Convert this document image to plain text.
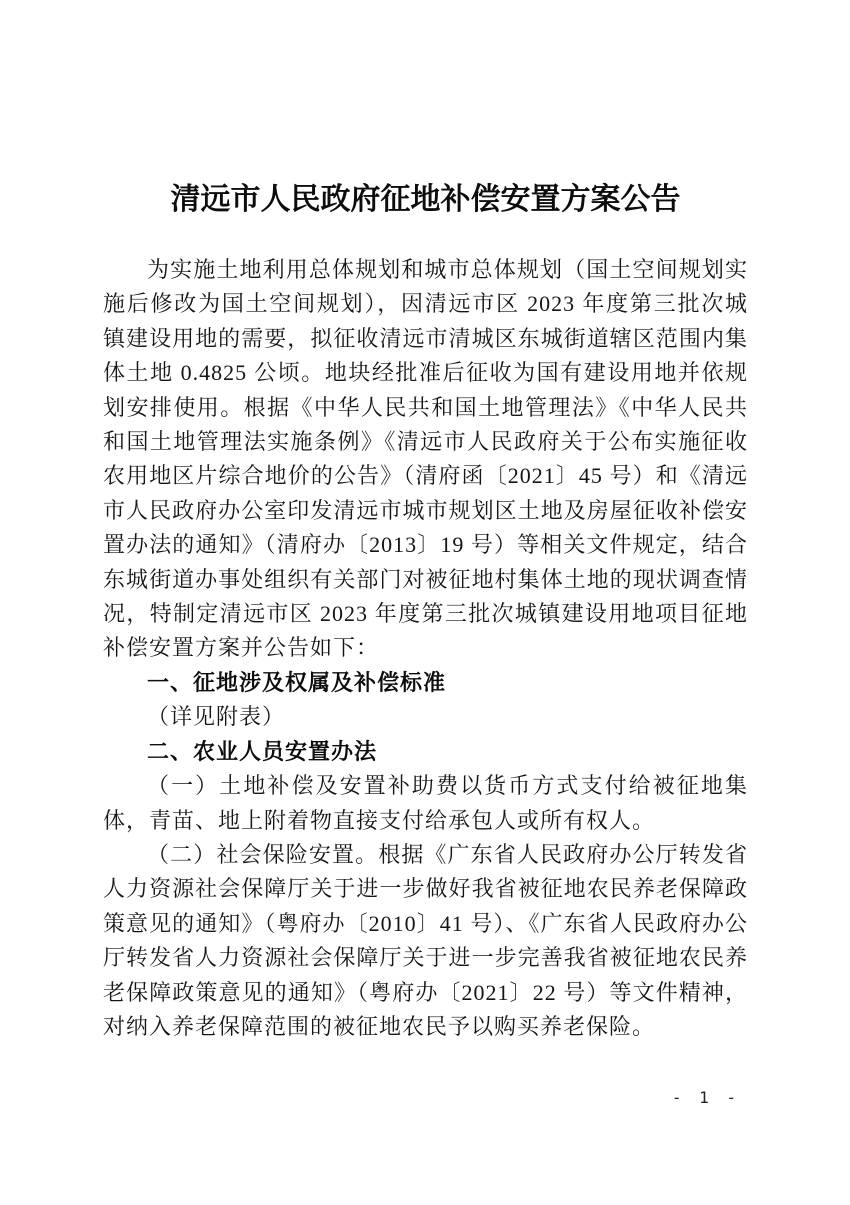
清远市人民政府征地补偿安置方案公告

为实施土地利用总体规划和城市总体规划（国土空间规划实施后修改为国土空间规划），因清远市区 2023 年度第三批次城镇建设用地的需要，拟征收清远市清城区东城街道辖区范围内集体土地 0.4825 公顷。地块经批准后征收为国有建设用地并依规划安排使用。根据《中华人民共和国土地管理法》《中华人民共和国土地管理法实施条例》《清远市人民政府关于公布实施征收农用地区片综合地价的公告》（清府函〔2021〕45 号）和《清远市人民政府办公室印发清远市城市规划区土地及房屋征收补偿安置办法的通知》（清府办〔2013〕19 号）等相关文件规定，结合东城街道办事处组织有关部门对被征地村集体土地的现状调查情况，特制定清远市区 2023 年度第三批次城镇建设用地项目征地补偿安置方案并公告如下：

一、征地涉及权属及补偿标准

（详见附表）

二、农业人员安置办法

（一）土地补偿及安置补助费以货币方式支付给被征地集体，青苗、地上附着物直接支付给承包人或所有权人。

（二）社会保险安置。根据《广东省人民政府办公厅转发省人力资源社会保障厅关于进一步做好我省被征地农民养老保障政策意见的通知》（粤府办〔2010〕41 号）、《广东省人民政府办公厅转发省人力资源社会保障厅关于进一步完善我省被征地农民养老保障政策意见的通知》（粤府办〔2021〕22 号）等文件精神，对纳入养老保障范围的被征地农民予以购买养老保险。

- 1 -
